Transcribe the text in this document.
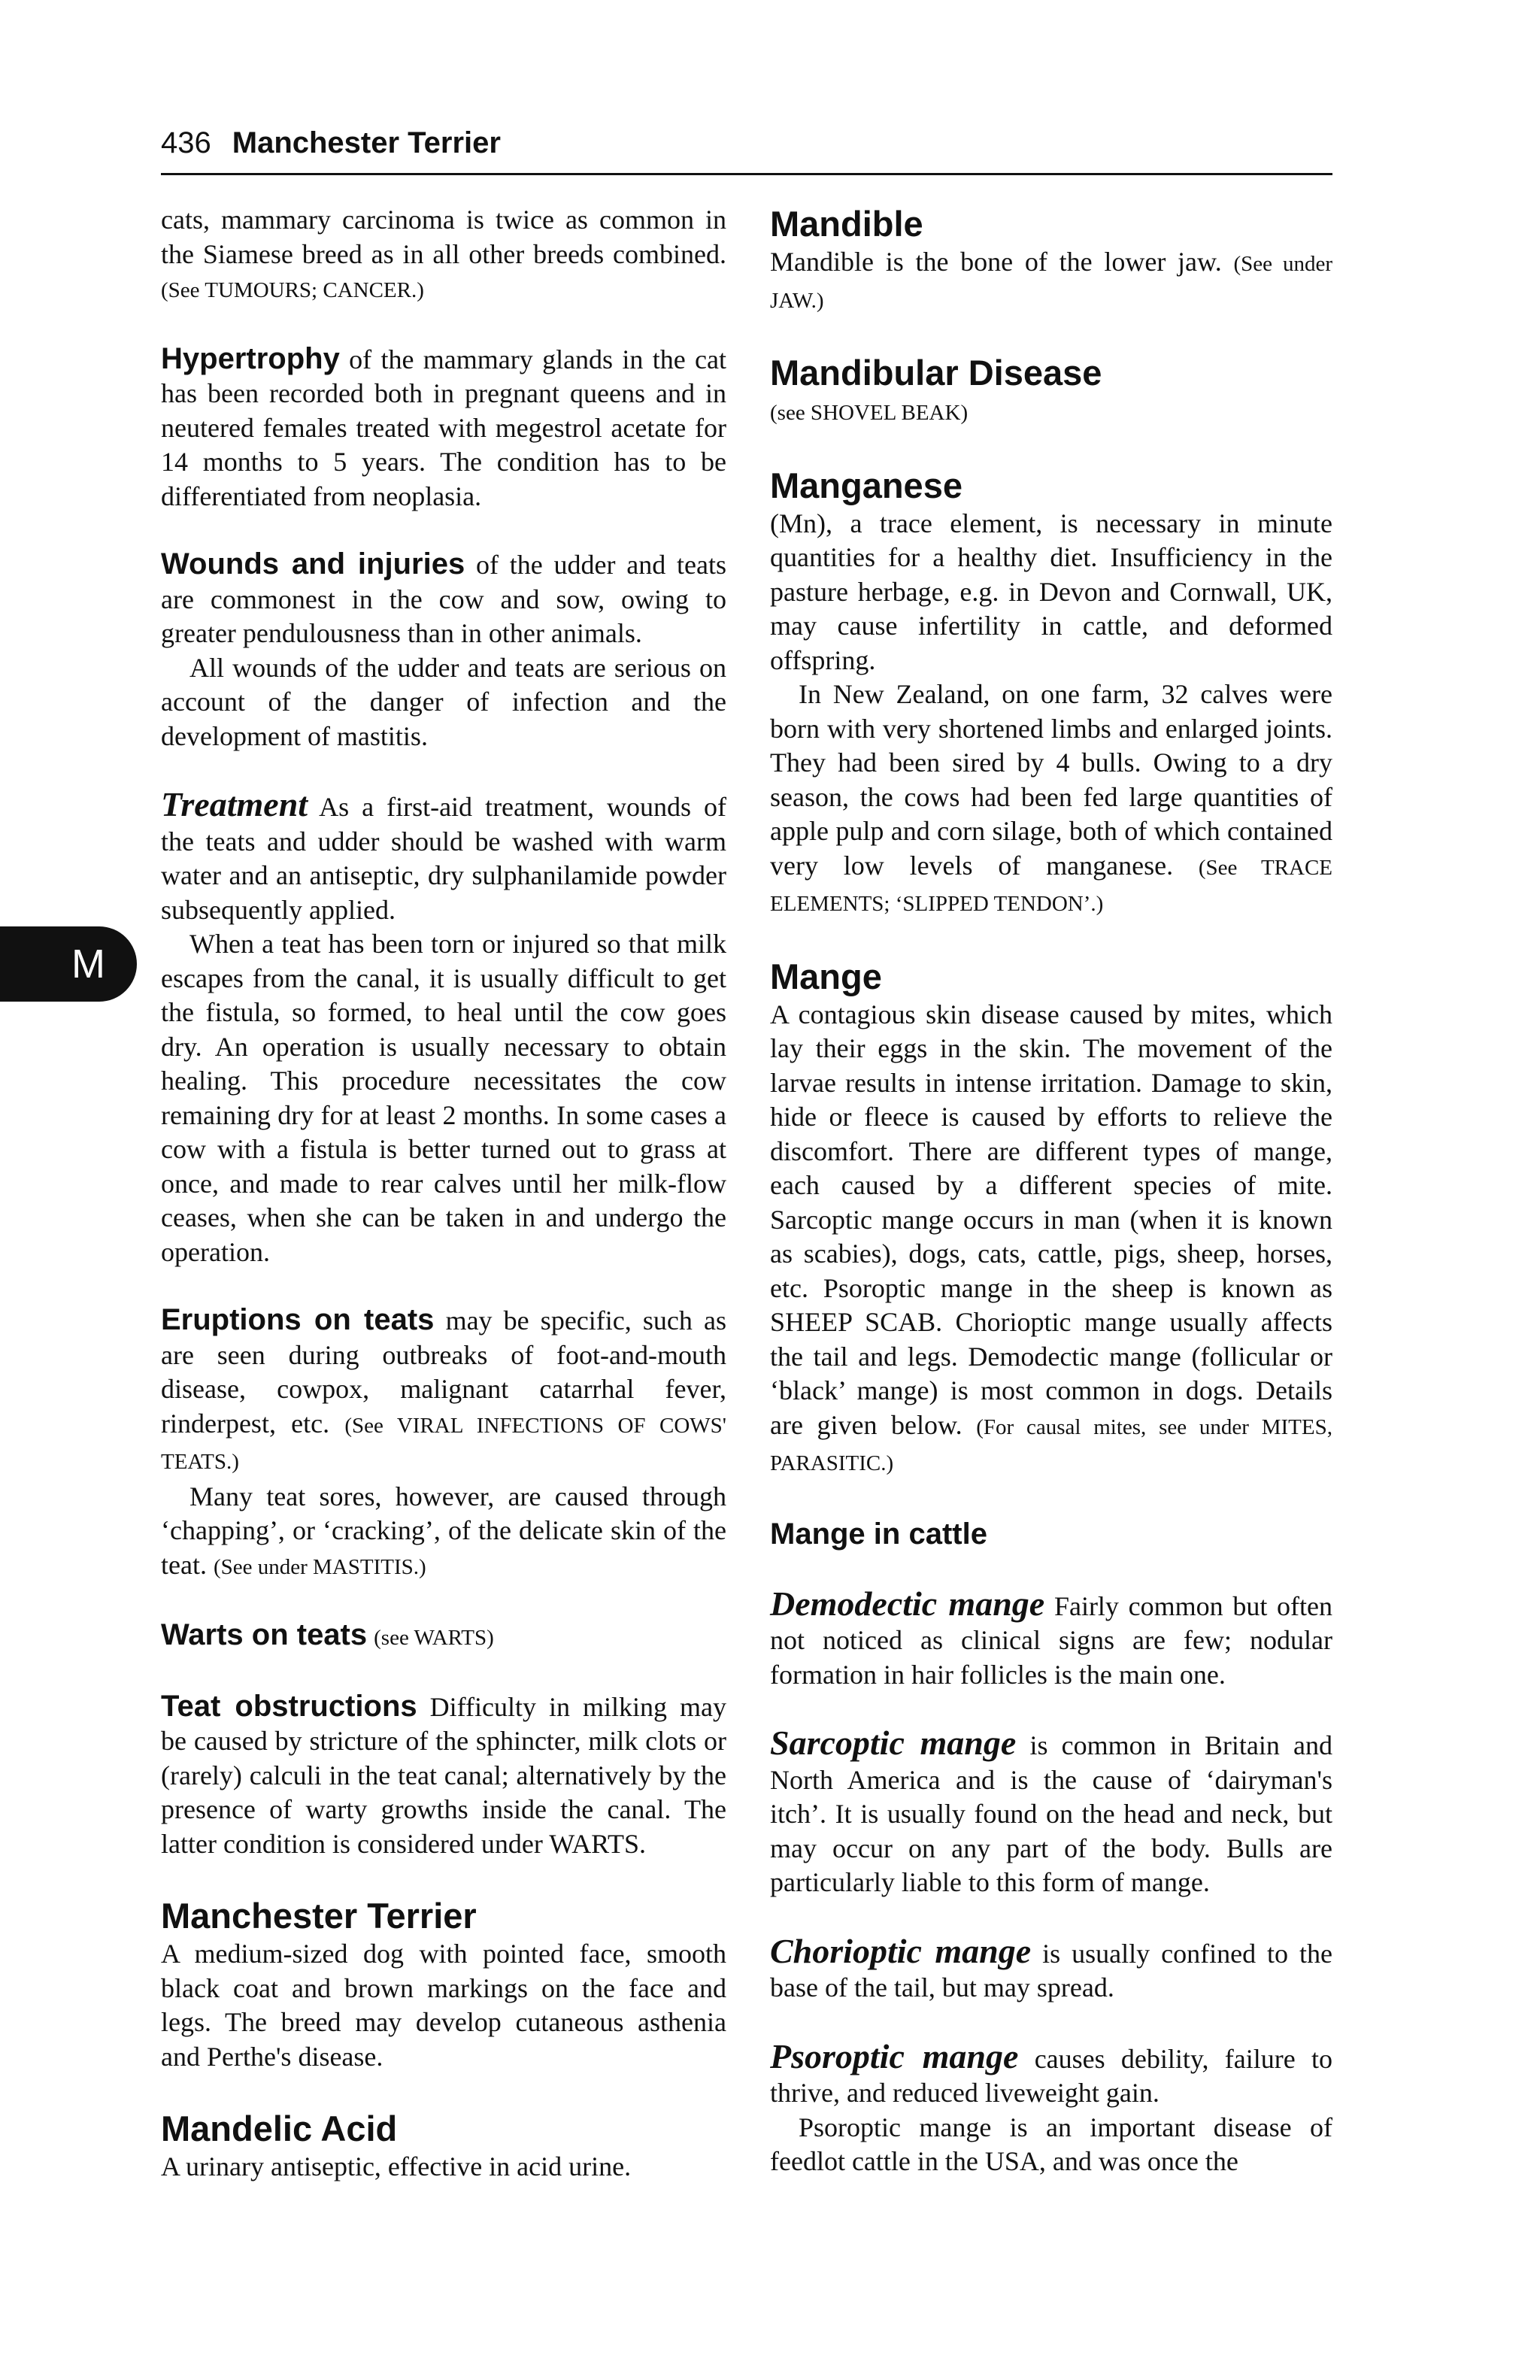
436 Manchester Terrier
M

cats, mammary carcinoma is twice as common in the Siamese breed as in all other breeds combined. (See TUMOURS; CANCER.)

Hypertrophy of the mammary glands in the cat has been recorded both in pregnant queens and in neutered females treated with megestrol acetate for 14 months to 5 years. The condition has to be differentiated from neoplasia.

Wounds and injuries of the udder and teats are commonest in the cow and sow, owing to greater pendulousness than in other animals.

All wounds of the udder and teats are serious on account of the danger of infection and the development of mastitis.

Treatment As a first-aid treatment, wounds of the teats and udder should be washed with warm water and an antiseptic, dry sulphanilamide powder subsequently applied.

When a teat has been torn or injured so that milk escapes from the canal, it is usually difficult to get the fistula, so formed, to heal until the cow goes dry. An operation is usually necessary to obtain healing. This procedure necessitates the cow remaining dry for at least 2 months. In some cases a cow with a fistula is better turned out to grass at once, and made to rear calves until her milk-flow ceases, when she can be taken in and undergo the operation.

Eruptions on teats may be specific, such as are seen during outbreaks of foot-and-mouth disease, cowpox, malignant catarrhal fever, rinderpest, etc. (See VIRAL INFECTIONS OF COWS' TEATS.)

Many teat sores, however, are caused through ‘chapping’, or ‘cracking’, of the delicate skin of the teat. (See under MASTITIS.)

Warts on teats (see WARTS)

Teat obstructions Difficulty in milking may be caused by stricture of the sphincter, milk clots or (rarely) calculi in the teat canal; alternatively by the presence of warty growths inside the canal. The latter condition is considered under WARTS.

Manchester Terrier

A medium-sized dog with pointed face, smooth black coat and brown markings on the face and legs. The breed may develop cutaneous asthenia and Perthe's disease.

Mandelic Acid

A urinary antiseptic, effective in acid urine.

Mandible

Mandible is the bone of the lower jaw. (See under JAW.)

Mandibular Disease

(see SHOVEL BEAK)

Manganese

(Mn), a trace element, is necessary in minute quantities for a healthy diet. Insufficiency in the pasture herbage, e.g. in Devon and Cornwall, UK, may cause infertility in cattle, and deformed offspring.

In New Zealand, on one farm, 32 calves were born with very shortened limbs and enlarged joints. They had been sired by 4 bulls. Owing to a dry season, the cows had been fed large quantities of apple pulp and corn silage, both of which contained very low levels of manganese. (See TRACE ELEMENTS; ‘SLIPPED TENDON’.)

Mange

A contagious skin disease caused by mites, which lay their eggs in the skin. The movement of the larvae results in intense irritation. Damage to skin, hide or fleece is caused by efforts to relieve the discomfort. There are different types of mange, each caused by a different species of mite. Sarcoptic mange occurs in man (when it is known as scabies), dogs, cats, cattle, pigs, sheep, horses, etc. Psoroptic mange in the sheep is known as SHEEP SCAB. Chorioptic mange usually affects the tail and legs. Demodectic mange (follicular or ‘black’ mange) is most common in dogs. Details are given below. (For causal mites, see under MITES, PARASITIC.)

Mange in cattle

Demodectic mange Fairly common but often not noticed as clinical signs are few; nodular formation in hair follicles is the main one.

Sarcoptic mange is common in Britain and North America and is the cause of ‘dairyman's itch’. It is usually found on the head and neck, but may occur on any part of the body. Bulls are particularly liable to this form of mange.

Chorioptic mange is usually confined to the base of the tail, but may spread.

Psoroptic mange causes debility, failure to thrive, and reduced liveweight gain.

Psoroptic mange is an important disease of feedlot cattle in the USA, and was once the
